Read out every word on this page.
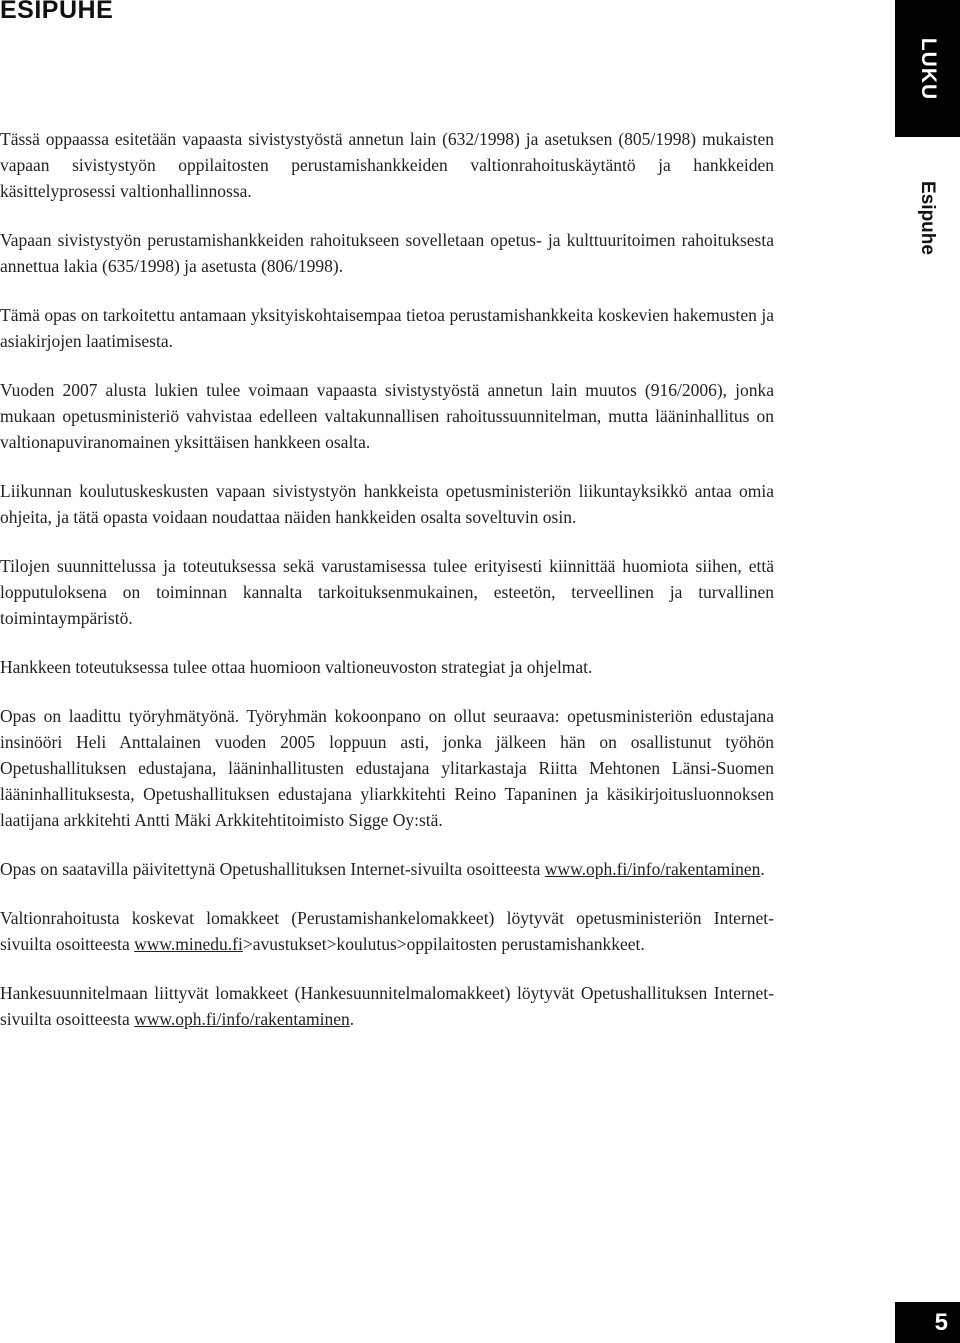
ESIPUHE
LUKU
Esipuhe

Tässä oppaassa esitetään vapaasta sivistystyöstä annetun lain (632/1998) ja asetuksen (805/1998) mukaisten vapaan sivistystyön oppilaitosten perustamishankkeiden valtionrahoituskäytäntö ja hankkeiden käsittelyprosessi valtionhallinnossa.

Vapaan sivistystyön perustamishankkeiden rahoitukseen sovelletaan opetus- ja kulttuuritoimen rahoituksesta annettua lakia (635/1998) ja asetusta (806/1998).

Tämä opas on tarkoitettu antamaan yksityiskohtaisempaa tietoa perustamishankkeita koskevien hakemusten ja asiakirjojen laatimisesta.

Vuoden 2007 alusta lukien tulee voimaan vapaasta sivistystyöstä annetun lain muutos (916/2006), jonka mukaan opetusministeriö vahvistaa edelleen valtakunnallisen rahoitussuunnitelman, mutta lääninhallitus on valtionapuviranomainen yksittäisen hankkeen osalta.

Liikunnan koulutuskeskusten vapaan sivistystyön hankkeista opetusministeriön liikuntayksikkö antaa omia ohjeita, ja tätä opasta voidaan noudattaa näiden hankkeiden osalta soveltuvin osin.

Tilojen suunnittelussa ja toteutuksessa sekä varustamisessa tulee erityisesti kiinnittää huomiota siihen, että lopputuloksena on toiminnan kannalta tarkoituksenmukainen, esteetön, terveellinen ja turvallinen toimintaympäristö.

Hankkeen toteutuksessa tulee ottaa huomioon valtioneuvoston strategiat ja ohjelmat.

Opas on laadittu työryhmätyönä. Työryhmän kokoonpano on ollut seuraava: opetusministeriön edustajana insinööri Heli Anttalainen vuoden 2005 loppuun asti, jonka jälkeen hän on osallistunut työhön Opetushallituksen edustajana, lääninhallitusten edustajana ylitarkastaja Riitta Mehtonen Länsi-Suomen lääninhallituksesta, Opetushallituksen edustajana yliarkkitehti Reino Tapaninen ja käsikirjoitusluonnoksen laatijana arkkitehti Antti Mäki Arkkitehtitoimisto Sigge Oy:stä.

Opas on saatavilla päivitettynä Opetushallituksen Internet-sivuilta osoitteesta www.oph.fi/info/rakentaminen.

Valtionrahoitusta koskevat lomakkeet (Perustamishankelomakkeet) löytyvät opetusministeriön Internet-sivuilta osoitteesta www.minedu.fi>avustukset>koulutus>oppilaitosten perustamishankkeet.

Hankesuunnitelmaan liittyvät lomakkeet (Hankesuunnitelmalomakkeet) löytyvät Opetushallituksen Internet-sivuilta osoitteesta www.oph.fi/info/rakentaminen.

5
